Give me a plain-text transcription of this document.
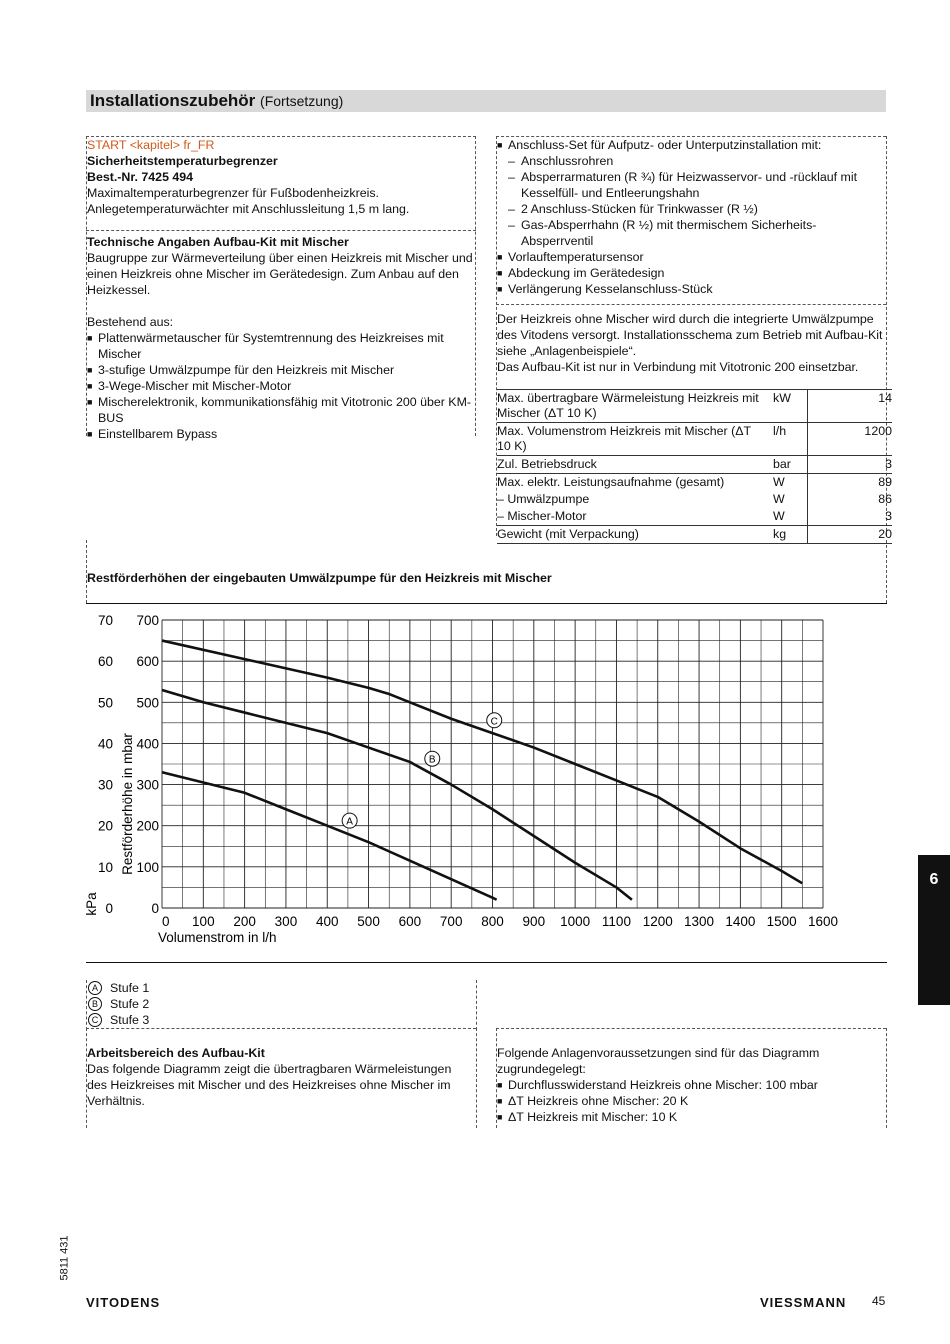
Installationszubehör (Fortsetzung)
START <kapitel> fr_FR
Sicherheitstemperaturbegrenzer
Best.-Nr. 7425 494
Maximaltemperaturbegrenzer für Fußbodenheizkreis.
Anlegetemperaturwächter mit Anschlussleitung 1,5 m lang.
Technische Angaben Aufbau-Kit mit Mischer
Baugruppe zur Wärmeverteilung über einen Heizkreis mit Mischer und einen Heizkreis ohne Mischer im Gerätedesign. Zum Anbau auf den Heizkessel.
Bestehend aus:
■ Plattenwärmetauscher für Systemtrennung des Heizkreises mit Mischer
■ 3-stufige Umwälzpumpe für den Heizkreis mit Mischer
■ 3-Wege-Mischer mit Mischer-Motor
■ Mischerelektronik, kommunikationsfähig mit Vitotronic 200 über KM-BUS
■ Einstellbarem Bypass
■ Anschluss-Set für Aufputz- oder Unterputzinstallation mit:
– Anschlussrohren
– Absperrarmaturen (R ¾) für Heizwasservor- und -rücklauf mit Kesselfüll- und Entleerungshahn
– 2 Anschluss-Stücken für Trinkwasser (R ½)
– Gas-Absperrhahn (R ½) mit thermischem Sicherheits-Absperrventil
■ Vorlauftemperatursensor
■ Abdeckung im Gerätedesign
■ Verlängerung Kesselanschluss-Stück
Der Heizkreis ohne Mischer wird durch die integrierte Umwälzpumpe des Vitodens versorgt. Installationsschema zum Betrieb mit Aufbau-Kit siehe „Anlagenbeispiele“.
Das Aufbau-Kit ist nur in Verbindung mit Vitotronic 200 einsetzbar.
Max. übertragbare Wärmeleistung Heizkreis mit Mischer (ΔT 10 K)	kW	14
Max. Volumenstrom Heizkreis mit Mischer (ΔT 10 K)	l/h	1200
Zul. Betriebsdruck	bar	3
Max. elektr. Leistungsaufnahme (gesamt)	W	89
– Umwälzpumpe	W	86
– Mischer-Motor	W	3
Gewicht (mit Verpackung)	kg	20
Restförderhöhen der eingebauten Umwälzpumpe für den Heizkreis mit Mischer
0 100 200 300 400 500 600 700 800 900 1000 1100 1200 1300 1400 1500 1600
0
0
100
10
200
20
300
30
400
40
500
50
600
60
700
70
Volumenstrom in l/h
Restförderhöhe in mbar
kPa
A
B
C
A Stufe 1
B Stufe 2
C Stufe 3
Arbeitsbereich des Aufbau-Kit
Das folgende Diagramm zeigt die übertragbaren Wärmeleistungen des Heizkreises mit Mischer und des Heizkreises ohne Mischer im Verhältnis.
Folgende Anlagenvoraussetzungen sind für das Diagramm zugrundegelegt:
■ Durchflusswiderstand Heizkreis ohne Mischer: 100 mbar
■ ΔT Heizkreis ohne Mischer: 20 K
■ ΔT Heizkreis mit Mischer: 10 K
6
5811 431
VITODENS	VIESSMANN 45
